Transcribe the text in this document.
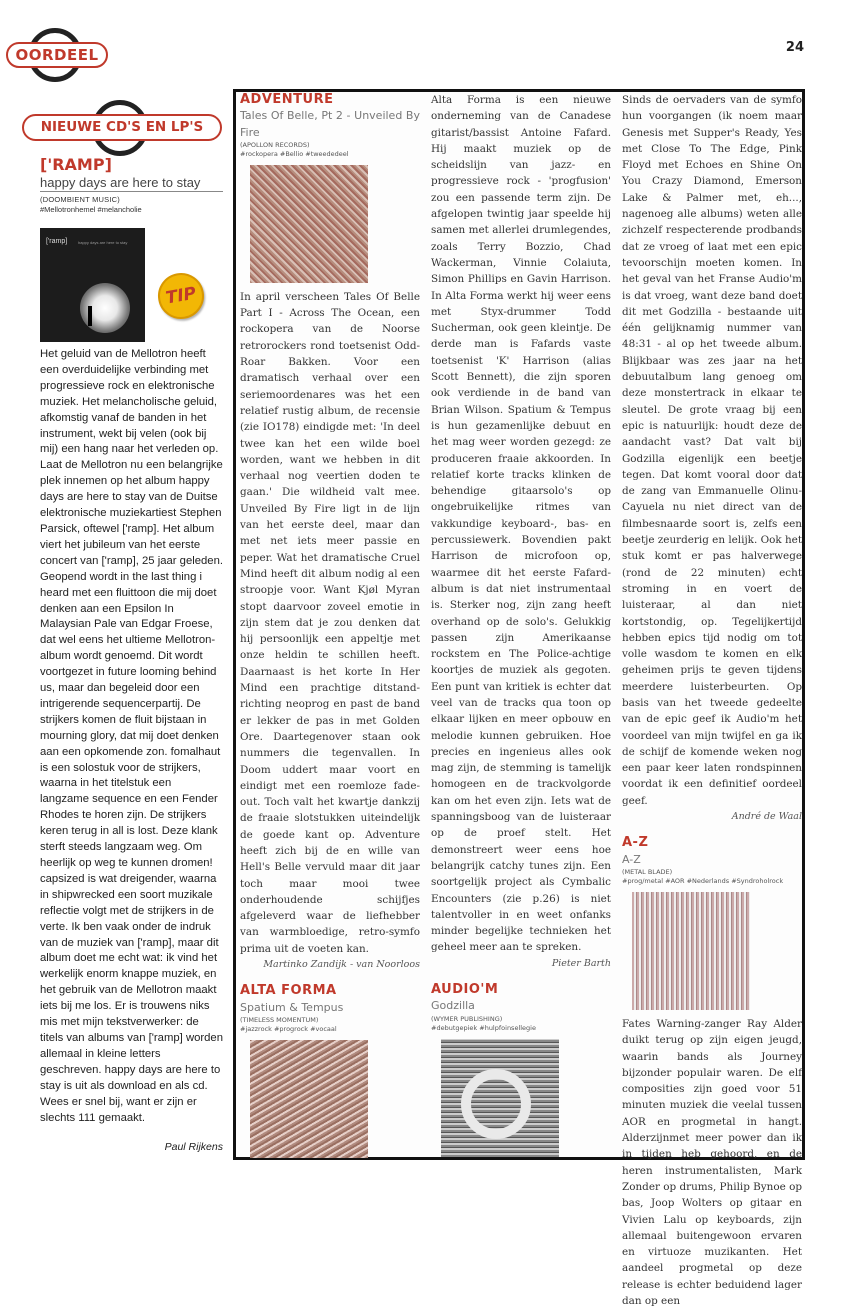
OORDEEL	24
NIEUWE CD'S EN LP'S
['RAMP]
happy days are here to stay
(DOOMBIENT MUSIC)
#Mellotronhemel #melancholie
['ramp]	happy days are here to stay
TIP
Het geluid van de Mellotron heeft een overduidelijke verbinding met progressieve rock en elektronische muziek. Het melancholische geluid, afkomstig vanaf de banden in het instrument, wekt bij velen (ook bij mij) een hang naar het verleden op. Laat de Mellotron nu een belangrijke plek innemen op het album happy days are here to stay van de Duitse elektronische muziekartiest Stephen Parsick, oftewel ['ramp]. Het album viert het jubileum van het eerste concert van ['ramp], 25 jaar geleden. Geopend wordt in the last thing i heard met een fluittoon die mij doet denken aan een Epsilon In Malaysian Pale van Edgar Froese, dat wel eens het ultieme Mellotron-album wordt genoemd. Dit wordt voortgezet in future looming behind us, maar dan begeleid door een intrigerende sequencerpartij. De strijkers komen de fluit bijstaan in mourning glory, dat mij doet denken aan een opkomende zon. fomalhaut is een solostuk voor de strijkers, waarna in het titelstuk een langzame sequence en een Fender Rhodes te horen zijn. De strijkers keren terug in all is lost. Deze klank sterft steeds langzaam weg. Om heerlijk op weg te kunnen dromen! capsized is wat dreigender, waarna in shipwrecked een soort muzikale reflectie volgt met de strijkers in de verte. Ik ben vaak onder de indruk van de muziek van ['ramp], maar dit album doet me echt wat: ik vind het werkelijk enorm knappe muziek, en het gebruik van de Mellotron maakt iets bij me los. Er is trouwens niks mis met mijn tekstverwerker: de titels van albums van ['ramp] worden allemaal in kleine letters geschreven. happy days are here to stay is uit als download en als cd. Wees er snel bij, want er zijn er slechts 111 gemaakt.
Paul Rijkens
ADVENTURE
Tales Of Belle, Pt 2 - Unveiled By Fire
(APOLLON RECORDS)
#rockopera #Bellio #tweededeel
In april verscheen Tales Of Belle Part I - Across The Ocean, een rockopera van de Noorse retrorockers rond toetsenist Odd-Roar Bakken. Voor een dramatisch verhaal over een seriemoordenares was het een relatief rustig album, de recensie (zie IO178) eindigde met: 'In deel twee kan het een wilde boel worden, want we hebben in dit verhaal nog veertien doden te gaan.' Die wildheid valt mee. Unveiled By Fire ligt in de lijn van het eerste deel, maar dan met net iets meer passie en peper. Wat het dramatische Cruel Mind heeft dit album nodig al een stroopje voor. Want Kjøl Myran stopt daarvoor zoveel emotie in zijn stem dat je zou denken dat hij persoonlijk een appeltje met onze heldin te schillen heeft. Daarnaast is het korte In Her Mind een prachtige ditstand-richting neoprog en past de band er lekker de pas in met Golden Ore. Daartegenover staan ook nummers die tegenvallen. In Doom uddert maar voort en eindigt met een roemloze fade-out. Toch valt het kwartje dankzij de fraaie slotstukken uiteindelijk de goede kant op. Adventure heeft zich bij de en wille van Hell's Belle vervuld maar dit jaar toch maar mooi twee onderhoudende schijfjes afgeleverd waar de liefhebber van warmbloedige, retro-symfo prima uit de voeten kan.
Martinko Zandijk - van Noorloos
ALTA FORMA
Spatium & Tempus
(TIMELESS MOMENTUM)
#jazzrock #progrock #vocaal
Alta Forma is een nieuwe onderneming van de Canadese gitarist/bassist Antoine Fafard. Hij maakt muziek op de scheidslijn van jazz- en progressieve rock - 'progfusion' zou een passende term zijn. De afgelopen twintig jaar speelde hij samen met allerlei drumlegendes, zoals Terry Bozzio, Chad Wackerman, Vinnie Colaiuta, Simon Phillips en Gavin Harrison. In Alta Forma werkt hij weer eens met Styx-drummer Todd Sucherman, ook geen kleintje. De derde man is Fafards vaste toetsenist 'K' Harrison (alias Scott Bennett), die zijn sporen ook verdiende in de band van Brian Wilson. Spatium & Tempus is hun gezamenlijke debuut en het mag weer worden gezegd: ze produceren fraaie akkoorden. In relatief korte tracks klinken de behendige gitaarsolo's op ongebruikelijke ritmes van vakkundige keyboard-, bas- en percussiewerk. Bovendien pakt Harrison de microfoon op, waarmee dit het eerste Fafard-album is dat niet instrumentaal is. Sterker nog, zijn zang heeft overhand op de solo's. Gelukkig passen zijn Amerikaanse rockstem en The Police-achtige koortjes de muziek als gegoten. Een punt van kritiek is echter dat veel van de tracks qua toon op elkaar lijken en meer opbouw en melodie kunnen gebruiken. Hoe precies en ingenieus alles ook mag zijn, de stemming is tamelijk homogeen en de trackvolgorde kan om het even zijn. Iets wat de spanningsboog van de luisteraar op de proef stelt. Het demonstreert weer eens hoe belangrijk catchy tunes zijn. Een soortgelijk project als Cymbalic Encounters (zie p.26) is niet talentvoller in en weet onfanks minder begelijke technieken het geheel meer aan te spreken.
Pieter Barth
AUDIO'M
Godzilla
(WYMER PUBLISHING)
#debutgepiek #hulpfoinsellegie
Sinds de oervaders van de symfo hun voorgangen (ik noem maar Genesis met Supper's Ready, Yes met Close To The Edge, Pink Floyd met Echoes en Shine On You Crazy Diamond, Emerson Lake & Palmer met, eh..., nagenoeg alle albums) weten alle zichzelf respecterende prodbands dat ze vroeg of laat met een epic tevoorschijn moeten komen. In het geval van het Franse Audio'm is dat vroeg, want deze band doet dit met Godzilla - bestaande uit één gelijknamig nummer van 48:31 - al op het tweede album. Blijkbaar was zes jaar na het debuutalbum lang genoeg om deze monstertrack in elkaar te sleutel. De grote vraag bij een epic is natuurlijk: houdt deze de aandacht vast? Dat valt bij Godzilla eigenlijk een beetje tegen. Dat komt vooral door dat de zang van Emmanuelle Olinu-Cayuela nu niet direct van de filmbesnaarde soort is, zelfs een beetje zeurderig en lelijk. Ook het stuk komt er pas halverwege (rond de 22 minuten) echt stroming in en voert de luisteraar, al dan niet kortstondig, op. Tegelijkertijd hebben epics tijd nodig om tot volle wasdom te komen en elk geheimen prijs te geven tijdens meerdere luisterbeurten. Op basis van het tweede gedeelte van de epic geef ik Audio'm het voordeel van mijn twijfel en ga ik de schijf de komende weken nog een paar keer laten rondspinnen voordat ik een definitief oordeel geef.
André de Waal
A-Z
A-Z
(METAL BLADE)
#prog/metal #AOR #Nederlands #Syndroholrock
Fates Warning-zanger Ray Alder duikt terug op zijn eigen jeugd, waarin bands als Journey bijzonder populair waren. De elf composities zijn goed voor 51 minuten muziek die veelal tussen AOR en progmetal in hangt. Alderzijnmet meer power dan ik in tijden heb gehoord, en de heren instrumentalisten, Mark Zonder op drums, Philip Bynoe op bas, Joop Wolters op gitaar en Vivien Lalu op keyboards, zijn allemaal buitengewoon ervaren en virtuoze muzikanten. Het aandeel progmetal op deze release is echter beduidend lager dan op een
